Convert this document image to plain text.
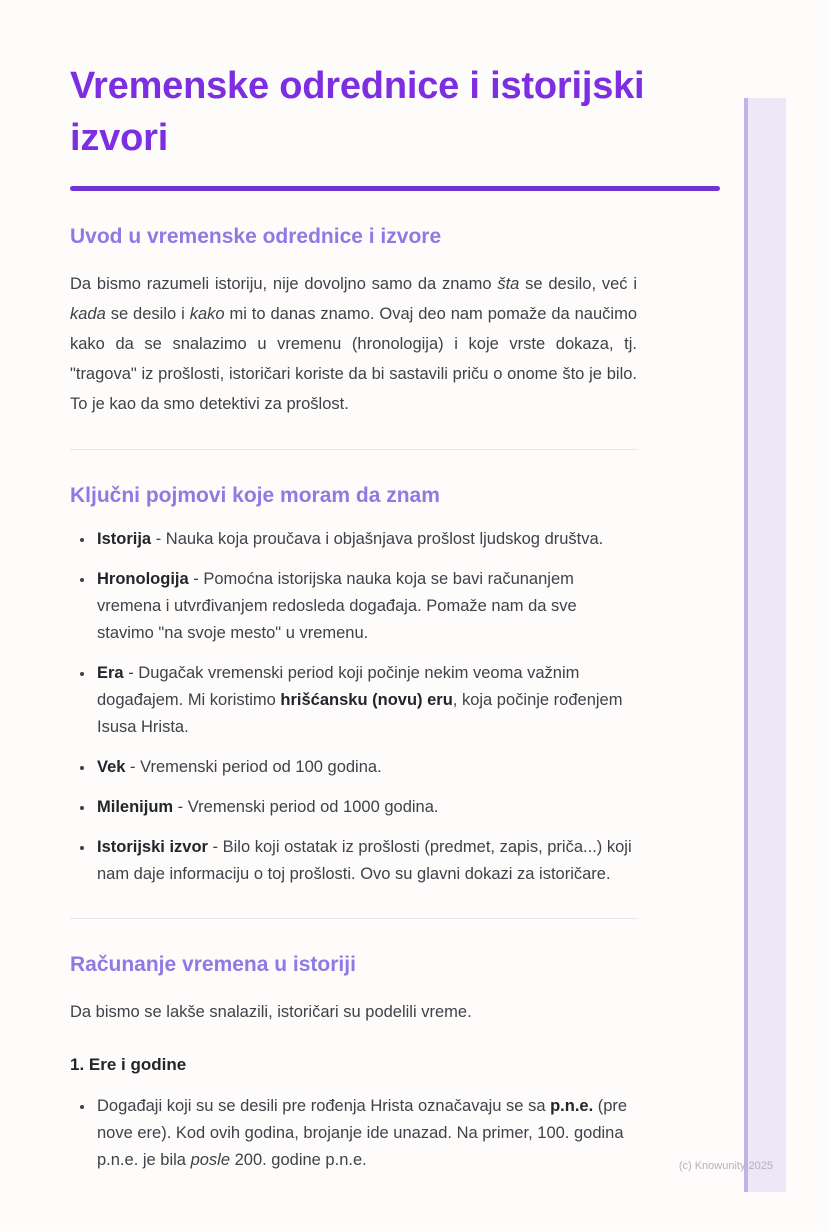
Vremenske odrednice i istorijski izvori
Uvod u vremenske odrednice i izvore

Da bismo razumeli istoriju, nije dovoljno samo da znamo šta se desilo, već i kada se desilo i kako mi to danas znamo. Ovaj deo nam pomaže da naučimo kako da se snalazimo u vremenu (hronologija) i koje vrste dokaza, tj. "tragova" iz prošlosti, istoričari koriste da bi sastavili priču o onome što je bilo. To je kao da smo detektivi za prošlost.

Ključni pojmovi koje moram da znam
• Istorija - Nauka koja proučava i objašnjava prošlost ljudskog društva.
• Hronologija - Pomoćna istorijska nauka koja se bavi računanjem vremena i utvrđivanjem redosleda događaja. Pomaže nam da sve stavimo "na svoje mesto" u vremenu.
• Era - Dugačak vremenski period koji počinje nekim veoma važnim događajem. Mi koristimo hrišćansku (novu) eru, koja počinje rođenjem Isusa Hrista.
• Vek - Vremenski period od 100 godina.
• Milenijum - Vremenski period od 1000 godina.
• Istorijski izvor - Bilo koji ostatak iz prošlosti (predmet, zapis, priča...) koji nam daje informaciju o toj prošlosti. Ovo su glavni dokazi za istoričare.
Računanje vremena u istoriji

Da bismo se lakše snalazili, istoričari su podelili vreme.

1. Ere i godine
• Događaji koji su se desili pre rođenja Hrista označavaju se sa p.n.e. (pre nove ere). Kod ovih godina, brojanje ide unazad. Na primer, 100. godina p.n.e. je bila posle 200. godine p.n.e.	(c) Knowunity 2025
